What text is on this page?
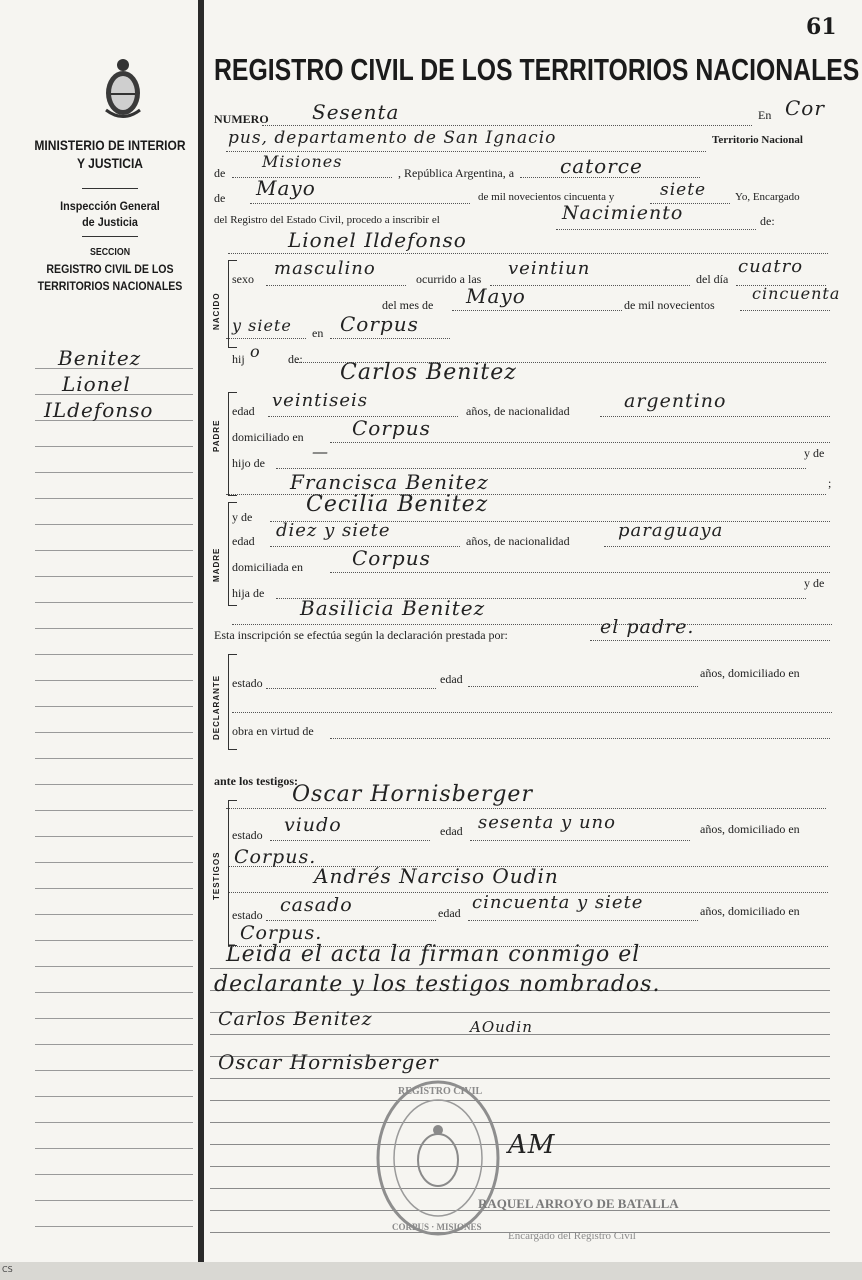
MINISTERIO DE INTERIOR
Y JUSTICIA
Inspección General
de Justicia
SECCION
REGISTRO CIVIL DE LOS
TERRITORIOS NACIONALES
Benitez
Lionel
ILdefonso
61
REGISTRO CIVIL DE LOS TERRITORIOS NACIONALES
NUMERO Sesenta	En Cor
pus, departamento de San Ignacio	Territorio Nacional
de
Misiones
, República Argentina, a catorce
de Mayo	de mil novecientos cincuenta y	siete	Yo, Encargado
del Registro del Estado Civil, procedo a inscribir el	Nacimiento	de:
NACIDO
Lionel Ildefonso
sexo masculino	ocurrido a las veintiun	del día
cuatro
del mes de Mayo	de mil novecientos
cincuenta
y siete en Corpus
hij o de:
PADRE
Carlos Benitez
edad veintiseis	años, de nacionalidad	argentino
domiciliado en Corpus
hijo de
—	y de
Francisca Benitez	;
MADRE
y de Cecilia Benitez
edad diez y siete	años, de nacionalidad	paraguaya
domiciliada en Corpus
hija de
y de
Basilicia Benitez
Esta inscripción se efectúa según la declaración prestada por:	el padre.
DECLARANTE estado	edad	años, domiciliado en
obra en virtud de
ante los testigos:
TESTIGOS
Oscar Hornisberger
estado viudo	edad sesenta y uno	años, domiciliado en
Corpus.
Andrés Narciso Oudin
estado casado	edad cincuenta y siete	años, domiciliado en
Corpus.
Leida el acta la firman conmigo el
declarante y los testigos nombrados.
Carlos Benitez	AOudin
Oscar Hornisberger
REGISTRO CIVIL
CORPUS · MISIONES
AM
RAQUEL ARROYO DE BATALLA
Encargado del Registro Civil
CS
